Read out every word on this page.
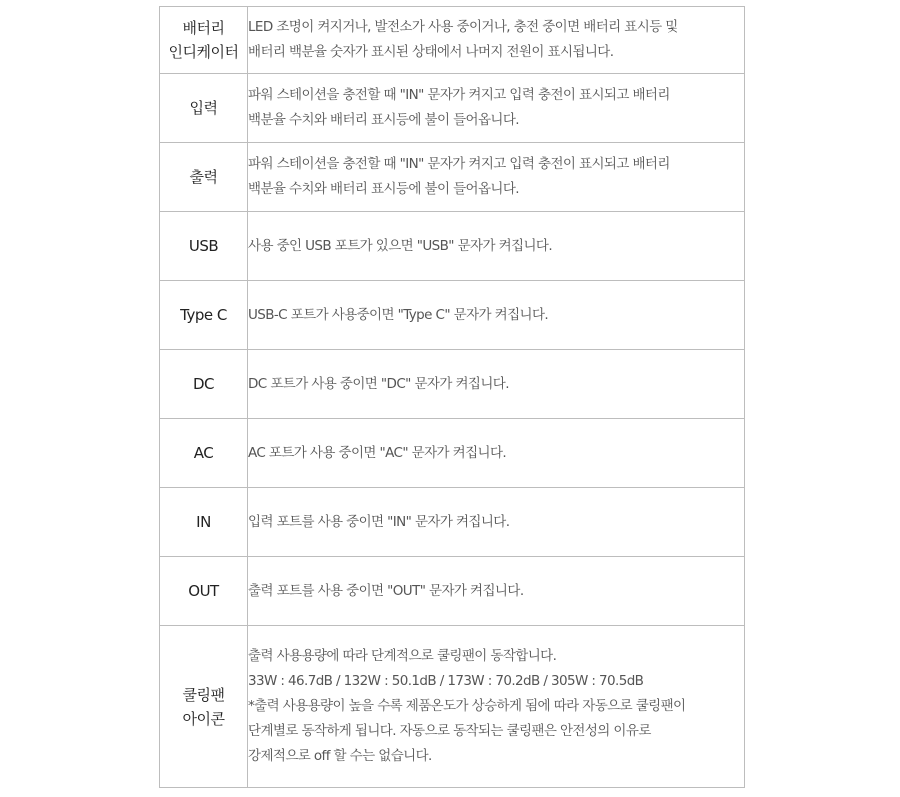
배터리
인디케이터	LED 조명이 켜지거나, 발전소가 사용 중이거나, 충전 중이면 배터리 표시등 및
배터리 백분율 숫자가 표시된 상태에서 나머지 전원이 표시됩니다.

입력	파워 스테이션을 충전할 때 "IN" 문자가 켜지고 입력 충전이 표시되고 배터리
백분율 수치와 배터리 표시등에 불이 들어옵니다.

출력	파워 스테이션을 충전할 때 "IN" 문자가 켜지고 입력 충전이 표시되고 배터리
백분율 수치와 배터리 표시등에 불이 들어옵니다.

USB	사용 중인 USB 포트가 있으면 "USB" 문자가 켜집니다.

Type C	USB-C 포트가 사용중이면 "Type C" 문자가 켜집니다.

DC	DC 포트가 사용 중이면 "DC" 문자가 켜집니다.

AC	AC 포트가 사용 중이면 "AC" 문자가 켜집니다.

IN	입력 포트를 사용 중이면 "IN" 문자가 켜집니다.

OUT	출력 포트를 사용 중이면 "OUT" 문자가 켜집니다.

쿨링팬
아이콘	출력 사용용량에 따라 단계적으로 쿨링팬이 동작합니다.
33W : 46.7dB / 132W : 50.1dB / 173W : 70.2dB / 305W : 70.5dB
*출력 사용용량이 높을 수록 제품온도가 상승하게 됨에 따라 자동으로 쿨링팬이
단계별로 동작하게 됩니다. 자동으로 동작되는 쿨링팬은 안전성의 이유로
강제적으로 off 할 수는 없습니다.
